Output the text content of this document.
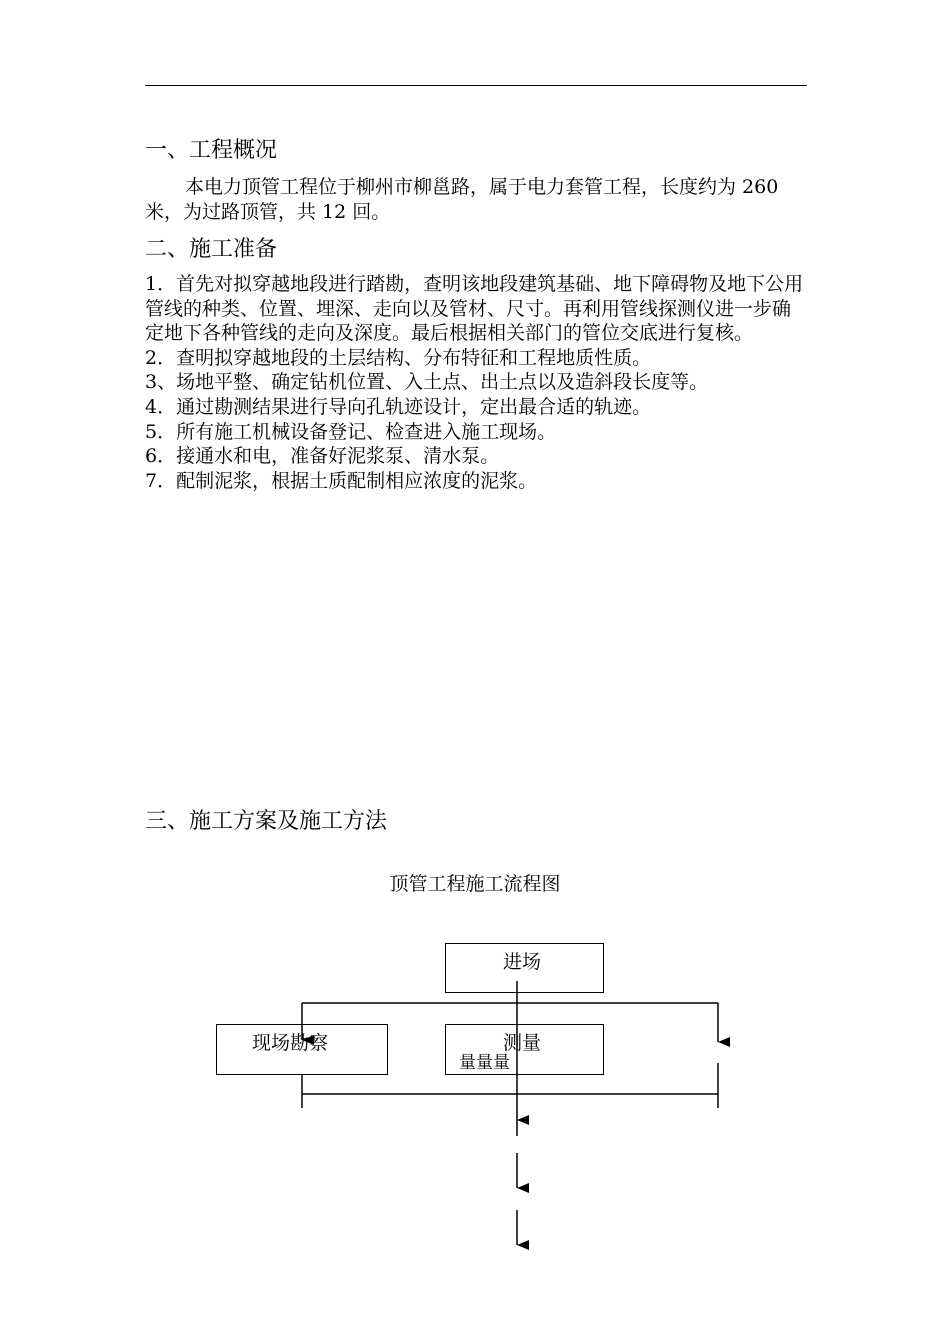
一、工程概况

本电力顶管工程位于柳州市柳邕路，属于电力套管工程，长度约为 260 米，为过路顶管，共 12 回。

二、施工准备
1．首先对拟穿越地段进行踏勘，查明该地段建筑基础、地下障碍物及地下公用管线的种类、位置、埋深、走向以及管材、尺寸。再利用管线探测仪进一步确定地下各种管线的走向及深度。最后根据相关部门的管位交底进行复核。
2．查明拟穿越地段的土层结构、分布特征和工程地质性质。
3、场地平整、确定钻机位置、入土点、出土点以及造斜段长度等。
4．通过勘测结果进行导向孔轨迹设计，定出最合适的轨迹。
5．所有施工机械设备登记、检查进入施工现场。
6．接通水和电，准备好泥浆泵、清水泵。
7．配制泥浆，根据土质配制相应浓度的泥浆。
三、施工方案及施工方法
顶管工程施工流程图
进场
现场勘察	测量
量量量
